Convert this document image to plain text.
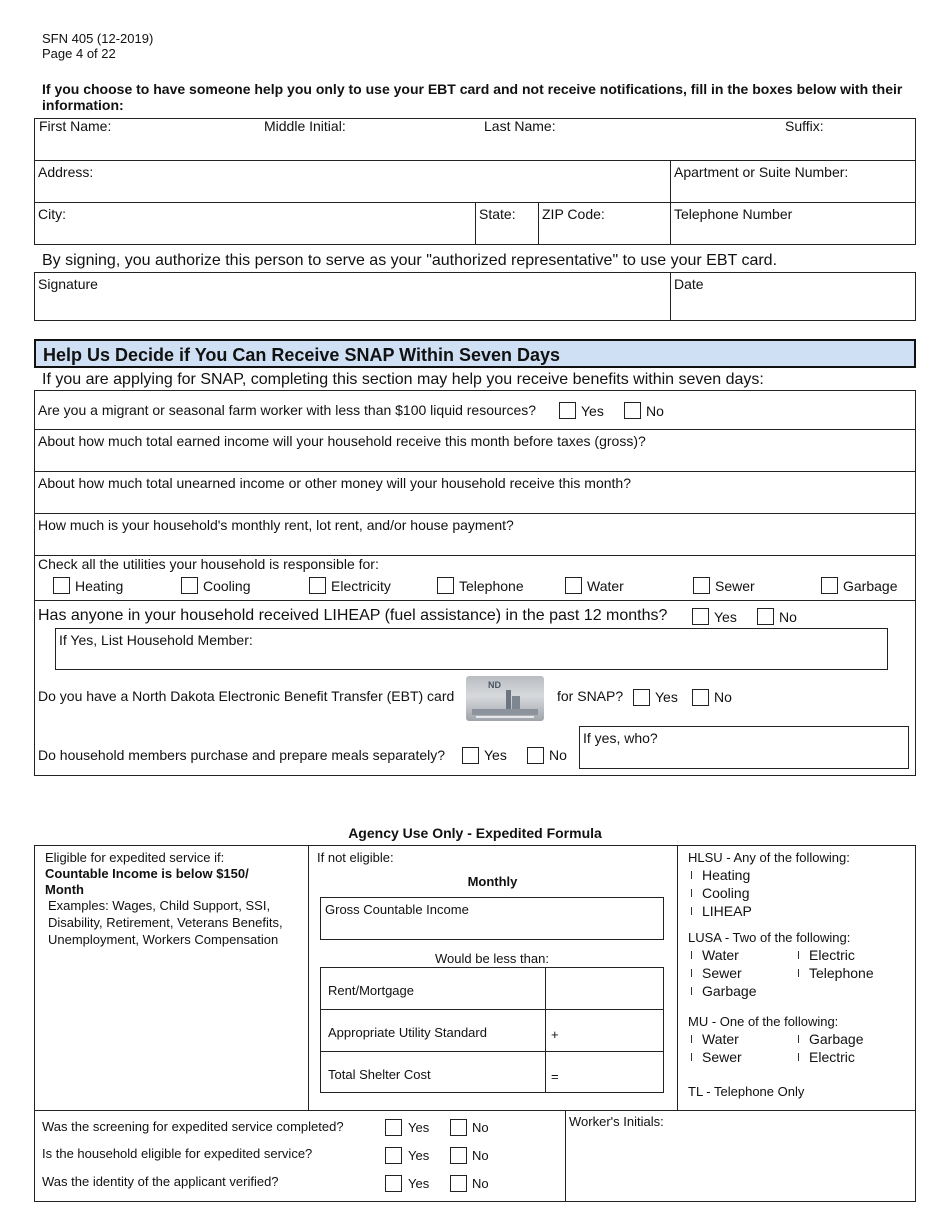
SFN 405 (12-2019)
Page 4 of 22
If you choose to have someone help you only to use your EBT card and not receive notifications, fill in the boxes below with their information:
First Name:	Middle Initial:	Last Name:	Suffix:
Address:	Apartment or Suite Number:
City:	State: ZIP Code:	Telephone Number
By signing, you authorize this person to serve as your "authorized representative" to use your EBT card.
Signature	Date
Help Us Decide if You Can Receive SNAP Within Seven Days
If you are applying for SNAP, completing this section may help you receive benefits within seven days:
Are you a migrant or seasonal farm worker with less than $100 liquid resources?	Yes	No
About how much total earned income will your household receive this month before taxes (gross)?
About how much total unearned income or other money will your household receive this month?
How much is your household's monthly rent, lot rent, and/or house payment?
Check all the utilities your household is responsible for:
Heating	Cooling	Electricity	Telephone	Water	Sewer	Garbage
Has anyone in your household received LIHEAP (fuel assistance) in the past 12 months?	Yes	No
If Yes, List Household Member:
Do you have a North Dakota Electronic Benefit Transfer (EBT) card
ND
for SNAP? Yes	No
Do household members purchase and prepare meals separately?	Yes	No
If yes, who?
Agency Use Only - Expedited Formula
Eligible for expedited service if:
Countable Income is below $150/
Month
Examples: Wages, Child Support, SSI,
Disability, Retirement, Veterans Benefits,
Unemployment, Workers Compensation
If not eligible:
Monthly
Gross Countable Income
Would be less than:
Rent/Mortgage
Appropriate Utility Standard	+
Total Shelter Cost	=
HLSU - Any of the following:
Heating
Cooling
LIHEAP
LUSA - Two of the following:
Water	Electric
Sewer	Telephone
Garbage
MU - One of the following:
Water	Garbage
Sewer	Electric
TL - Telephone Only
Was the screening for expedited service completed?	Yes	No
Is the household eligible for expedited service?	Yes	No
Was the identity of the applicant verified?	Yes	No
Worker's Initials:
